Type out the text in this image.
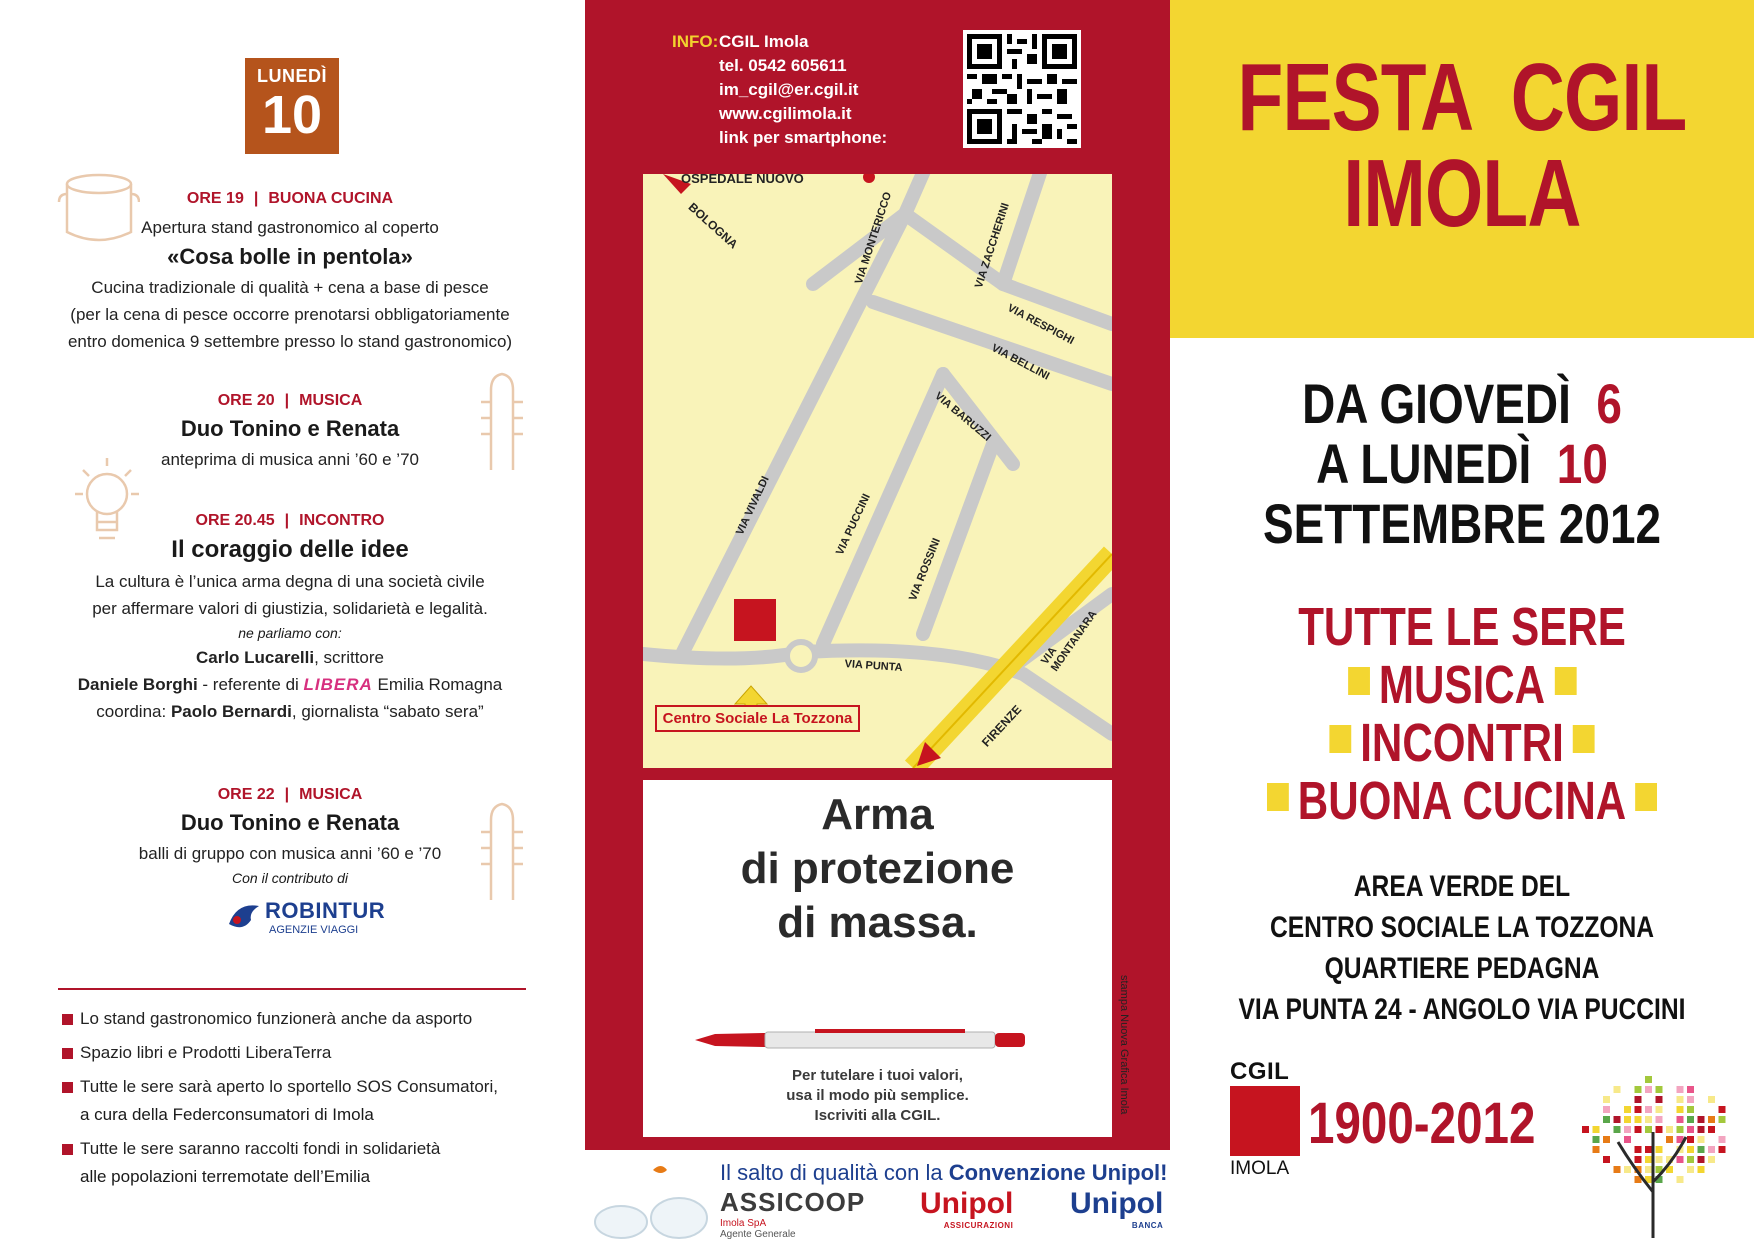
LUNEDÌ
10
ORE 19 | BUONA CUCINA
Apertura stand gastronomico al coperto
«Cosa bolle in pentola»
Cucina tradizionale di qualità + cena a base di pesce
(per la cena di pesce occorre prenotarsi obbligatoriamente
entro domenica 9 settembre presso lo stand gastronomico)
ORE 20 | MUSICA
Duo Tonino e Renata
anteprima di musica anni ’60 e ’70
ORE 20.45 | INCONTRO
Il coraggio delle idee
La cultura è l’unica arma degna di una società civile
per affermare valori di giustizia, solidarietà e legalità.
ne parliamo con:
Carlo Lucarelli, scrittore
Daniele Borghi - referente di LIBERA Emilia Romagna
coordina: Paolo Bernardi, giornalista “sabato sera”
ORE 22 | MUSICA
Duo Tonino e Renata
balli di gruppo con musica anni ’60 e ’70
Con il contributo di
ROBINTUR
AGENZIE VIAGGI
Lo stand gastronomico funzionerà anche da asporto
Spazio libri e Prodotti LiberaTerra
Tutte le sere sarà aperto lo sportello SOS Consumatori,
a cura della Federconsumatori di Imola
Tutte le sere saranno raccolti fondi in solidarietà
alle popolazioni terremotate dell’Emilia
INFO: CGIL Imola
tel. 0542 605611
im_cgil@er.cgil.it
www.cgilimola.it
link per smartphone:
OSPEDALE NUOVO
BOLOGNA	VIA MONTERICCO	VIA ZACCHERINI
VIA RESPIGHI
VIA BELLINI
VIA BARUZZI
VIA VIVALDI	VIA PUCCINI
VIA ROSSINI
VIA MONTANARA
VIA PUNTA
FIRENZE
Centro Sociale La Tozzona
Arma
di protezione
di massa.
Per tutelare i tuoi valori,
usa il modo più semplice.
Iscriviti alla CGIL.
stampa Nuova Grafica Imola
Il salto di qualità con la Convenzione Unipol!
ASSICOOP
Imola SpA
Agente Generale
Unipol
ASSICURAZIONI
Unipol
BANCA
FESTA  CGIL
IMOLA
DA GIOVEDÌ 6
A LUNEDÌ 10
SETTEMBRE 2012
TUTTE LE SERE
MUSICA
INCONTRI
BUONA CUCINA
AREA VERDE DEL
CENTRO SOCIALE LA TOZZONA
QUARTIERE PEDAGNA
VIA PUNTA 24 - ANGOLO VIA PUCCINI
CGIL
IMOLA
1900-2012
